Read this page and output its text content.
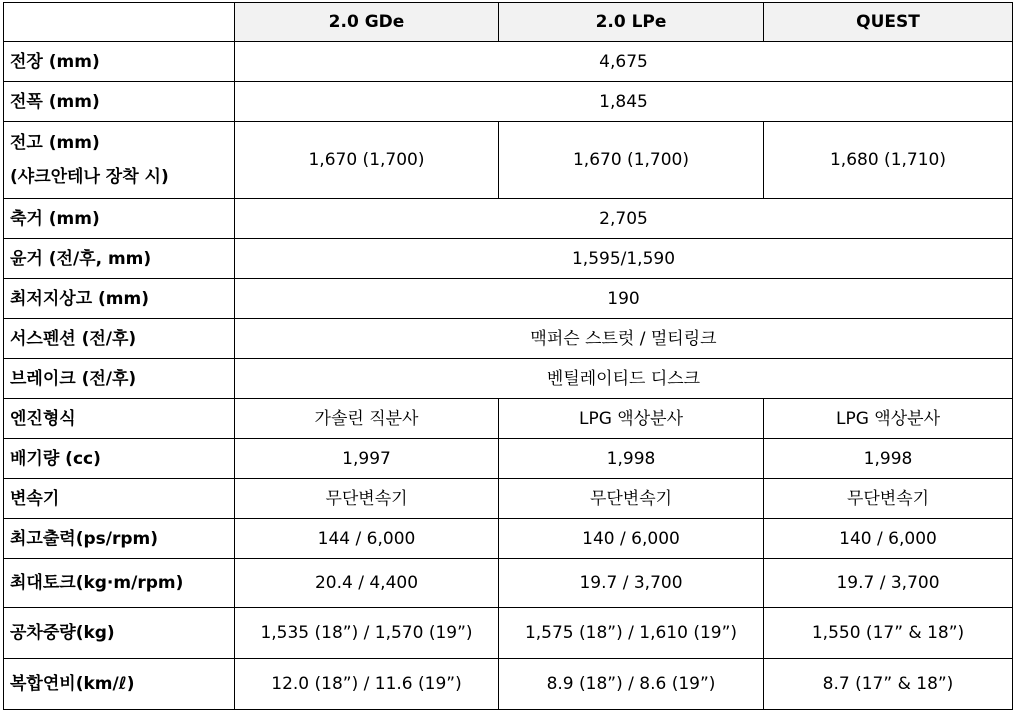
	2.0 GDe	2.0 LPe	QUEST

전장 (mm)	4,675		

전폭 (mm)	1,845		

전고 (mm)
(샤크안테나 장착 시)	1,670 (1,700)	1,670 (1,700)	1,680 (1,710)

축거 (mm)	2,705		

윤거 (전/후, mm)	1,595/1,590		

최저지상고 (mm)	190		

서스펜션 (전/후)	맥퍼슨 스트럿 / 멀티링크		

브레이크 (전/후)	벤틸레이티드 디스크		

엔진형식	가솔린 직분사	LPG 액상분사	LPG 액상분사

배기량 (cc)	1,997	1,998	1,998

변속기	무단변속기	무단변속기	무단변속기

최고출력(ps/rpm)	144 / 6,000	140 / 6,000	140 / 6,000

최대토크(kg·m/rpm)	20.4 / 4,400	19.7 / 3,700	19.7 / 3,700

공차중량(kg)	1,535 (18”) / 1,570 (19”)	1,575 (18”) / 1,610 (19”)	1,550 (17” & 18”)

복합연비(km/ℓ)	12.0 (18”) / 11.6 (19”)	8.9 (18”) / 8.6 (19”)	8.7 (17” & 18”)
